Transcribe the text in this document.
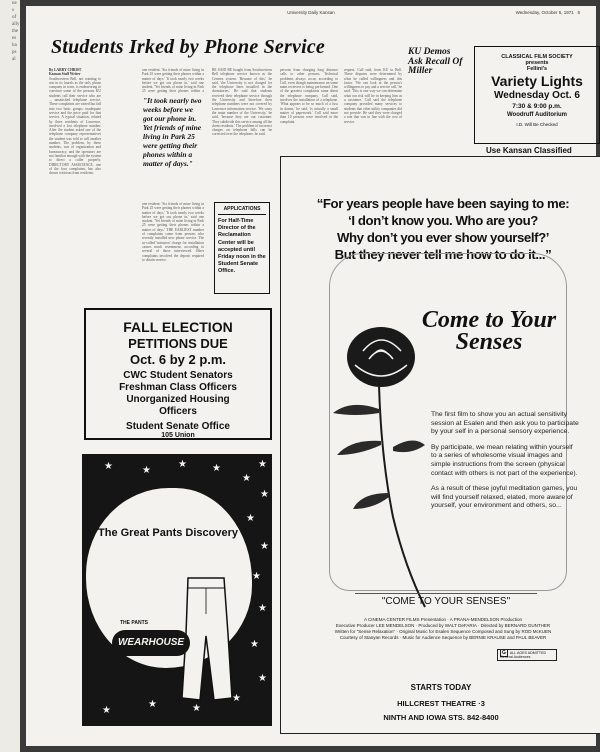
ne
s
of
ally
the
es
ha
ps
al
University Daily Kansan	Wednesday, October 6, 1971 5
Students Irked by Phone Service
By LARRY CHRIST
Kansan Staff Writer
Southwestern Bell, not wanting to rest in its laurels as the only phone company in town, is endeavoring to convince some of the persons KU students call their service who are ... unsatisfied telephone service. These complaints are varied but fall into two basic groups: inadequate service and the price paid for that service. A typical situation, related by three residents of Lawrence, involved a lost telephone number. After the student asked one of the telephone company representatives the student was told to call another number. The problem, by these students, was of organization and bureaucracy, and the operators are not familiar enough with the system to direct a caller properly. DIRECTORY ASSISTANCE, one of the four complaints, has also drawn criticism from residents.
one resident. 'Six friends of mine living in Park 25 were getting their phones within a matter of days.' 'It took nearly two weeks before we got our phone in,' said one student. 'Yet friends of mine living in Park 25 were getting their phones within a
"It took nearly two weeks before we got our phone in. Yet friends of mine living in Park 25 were getting their phones within a matter of days."
one resident. 'Six friends of mine living in Park 25 were getting their phones within a matter of days.' 'It took nearly two weeks before we got our phone in,' said one student. 'Yet friends of mine living in Park 25 were getting their phones within a matter of days.' THE EARLIEST number of complaints come from persons who recently installed new phone service. The so-called 'intrusion' charge for installation causes much resentment, according to several of those interviewed. Other complaints involved the deposit required to obtain service.
BE SAID BE bought from Southwestern Bell telephone service known as the Centrex system. 'Because of this,' he said, 'the University is not charged for the telephone lines installed in the dormitories.' He said that students received their telephone service through the University and therefore their telephone numbers were not covered by Lawrence information service. 'We carry the main number of the University,' he said, 'because they are our customer. They subdivide this service among all the dorm residents.' The problem of incorrect charges on telephone bills can be corrected over the telephone, he said.
persons from charging long distance calls to other persons. Technical problems always occur, according to Cull, even though maintenance on some main receivers is being performed. One of the greatest complaints came about the telephone company. Cull said, involves the installation of a telephone. 'What appears to be so much of a fuss in dorms,' he said, 'is actually a small matter of paperwork.' Cull said more than 10 persons were involved in the complaint.
request. Cull said, from KU to Bell. These disputes were determined by what he called willingness and this factor. 'We can look at the person's willingness to pay and a service call,' he said. 'This is one way we can determine what our risk will be in keeping him as a customer.' Cull said the telephone company provided many services to students that other utility companies did not provide. He said they were charged a rate that was in line with the cost of service.
APPLICATIONS
For Half-Time Director of the Reclamation Center will be accepted until Friday noon in the Student Senate Office.
KU Demos Ask Recall Of Miller
CLASSICAL FILM SOCIETY
presents
Fellini's
Variety Lights
Wednesday Oct. 6
7:30 & 9:00 p.m.
Woodruff Auditorium
I.D. Will Be Checked
Use Kansan Classified
FALL ELECTION
PETITIONS DUE
Oct. 6 by 2 p.m.
CWC Student Senators
Freshman Class Officers
Unorganized Housing
Officers
Student Senate Office
105 Union
★
★
★
★
★
★
★
★
★
★
★
★
★
★
★
★
★
The Great Pants Discovery
WEARHOUSE
THE PANTS
“For years people have been saying to me:
‘I don’t know you. Who are you?
Why don’t you ever show yourself?’
But they never tell me how to do it...”
Come to Your Senses

The first film to show you an actual sensitivity session at Esalen and then ask you to participate by your self in a personal sensory experience.

By participate, we mean relating within yourself to a series of wholesome visual images and simple instructions from the screen (physical contact with others is not part of the experience).

As a result of these joyful meditation games, you will find yourself relaxed, elated, more aware of yourself, your environment and others, so...

"COME TO YOUR SENSES"
A CINEMA CENTER FILMS Presentation · A PRANA-MENDELSON Production
Executive Producer LEE MENDELSON · Produced by WALT DeFARIA · Directed by BERNARD GUNTHER
Written for "Sense Relaxation" · Original Music for Esalen Sequence Composed and Sung by ROD McKUEN
Courtesy of Stanyan Records · Music for Audience Sequence by BERNIE KRAUSE and PAUL BEAVER
G ALL AGES ADMITTED General Audiences
STARTS TODAY
HILLCREST THEATRE ·3
NINTH AND IOWA STS. 842-8400
